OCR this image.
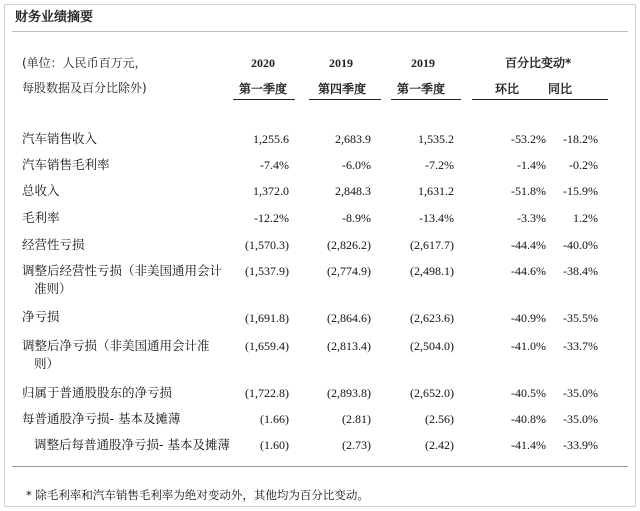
财务业绩摘要
(单位：人民币百万元，
每股数据及百分比除外)
2020	2019	2019	百分比变动*
第一季度	第四季度	第一季度	环比 同比
汽车销售收入	1,255.6	2,683.9	1,535.2	-53.2% -18.2%
汽车销售毛利率	-7.4%	-6.0%	-7.2%	-1.4% -0.2%
总收入	1,372.0	2,848.3	1,631.2	-51.8% -15.9%
毛利率	-12.2%	-8.9%	-13.4%	-3.3% 1.2%
经营性亏损	(1,570.3)	(2,826.2)	(2,617.7)	-44.4% -40.0%
调整后经营性亏损（非美国通用会计
准则）
(1,537.9)	(2,774.9)	(2,498.1)	-44.6% -38.4%
净亏损	(1,691.8)	(2,864.6)	(2,623.6)	-40.9% -35.5%
调整后净亏损（非美国通用会计准
则）
(1,659.4)	(2,813.4)	(2,504.0)	-41.0% -33.7%
归属于普通股股东的净亏损	(1,722.8)	(2,893.8)	(2,652.0)	-40.5% -35.0%
每普通股净亏损- 基本及摊薄	(1.66)	(2.81)	(2.56)	-40.8% -35.0%
调整后每普通股净亏损- 基本及摊薄	(1.60)	(2.73)	(2.42)	-41.4% -33.9%
* 除毛利率和汽车销售毛利率为绝对变动外，其他均为百分比变动。
